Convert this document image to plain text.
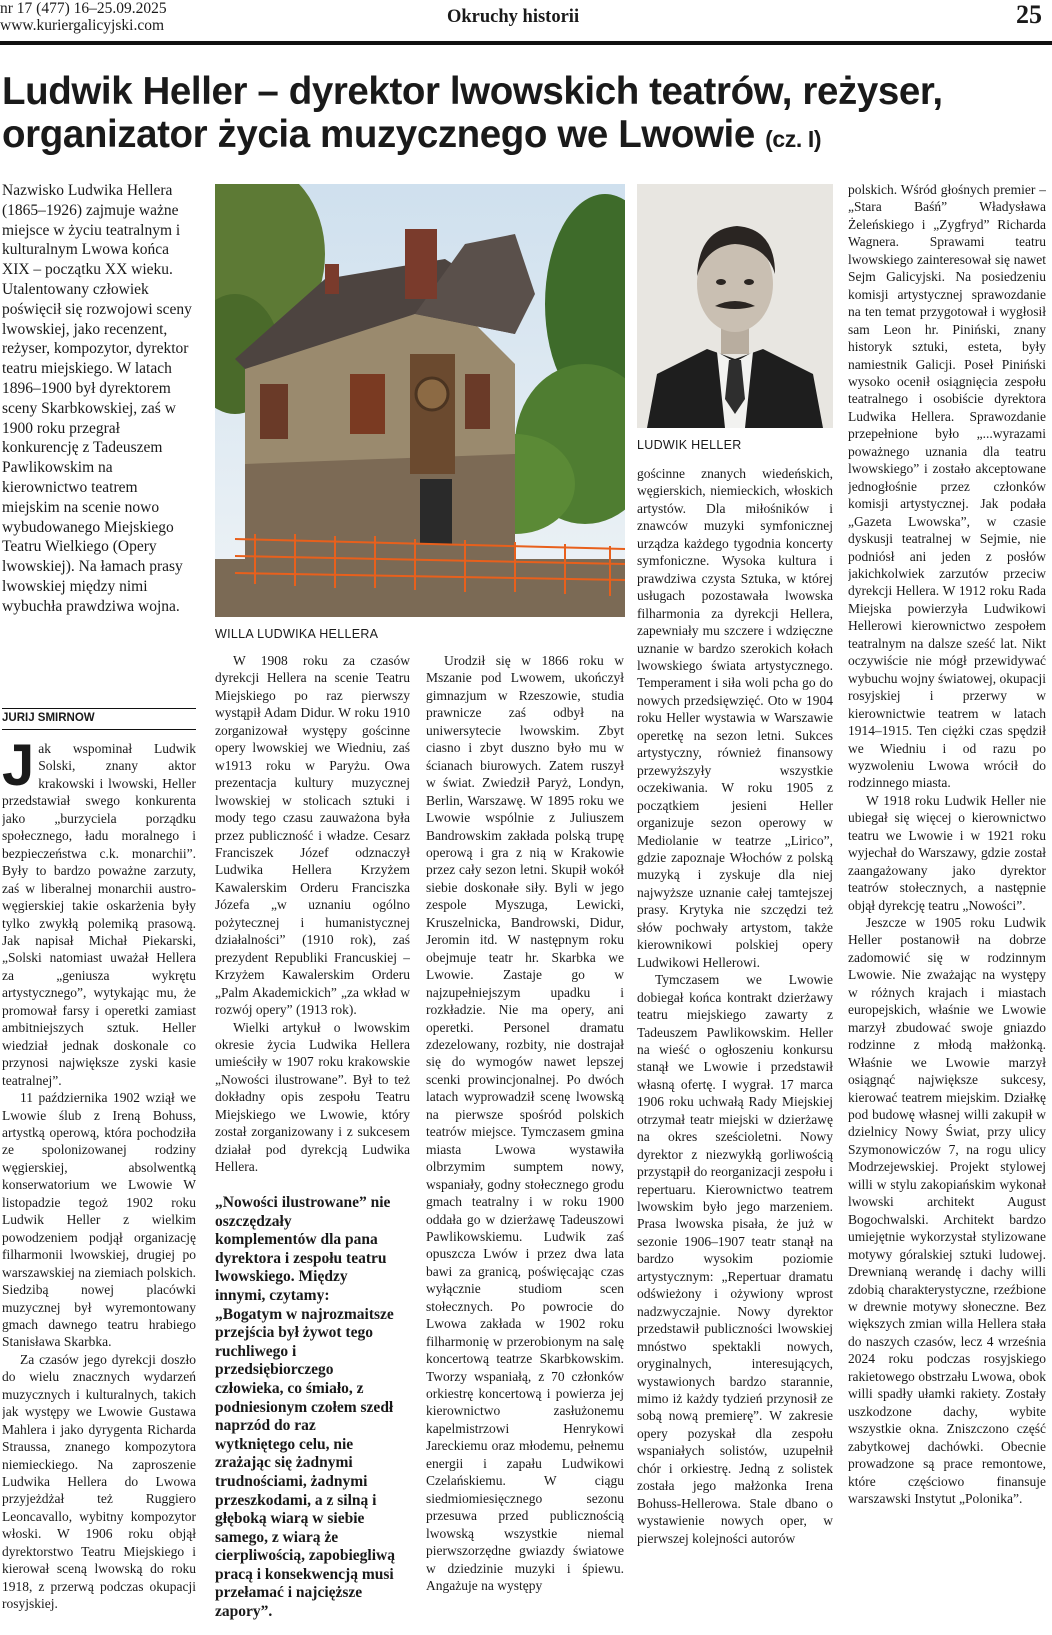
nr 17 (477) 16–25.09.2025
www.kuriergalicyjski.com	Okruchy historii	25
Ludwik Heller – dyrektor lwowskich teatrów, reżyser, organizator życia muzycznego we Lwowie (cz. I)
Nazwisko Ludwika Hellera (1865–1926) zajmuje ważne miejsce w życiu teatralnym i kulturalnym Lwowa końca XIX – początku XX wieku. Utalentowany człowiek poświęcił się rozwojowi sceny lwowskiej, jako recenzent, reżyser, kompozytor, dyrektor teatru miejskiego. W latach 1896–1900 był dyrektorem sceny Skarbkowskiej, zaś w 1900 roku przegrał konkurencję z Tadeuszem Pawlikowskim na kierownictwo teatrem miejskim na scenie nowo wybudowanego Miejskiego Teatru Wielkiego (Opery lwowskiej). Na łamach prasy lwowskiej między nimi wybuchła prawdziwa wojna.
JURIJ SMIRNOW
WILLA LUDWIKA HELLERA
LUDWIK HELLER

Jak wspominał Ludwik Solski, znany aktor krakowski i lwowski, Heller przedstawiał swego konkurenta jako „burzyciela porządku społecznego, ładu moralnego i bezpieczeństwa c.k. monarchii”. Były to bardzo poważne zarzuty, zaś w liberalnej monarchii austro-węgierskiej takie oskarżenia były tylko zwykłą polemiką prasową. Jak napisał Michał Piekarski, „Solski natomiast uważał Hellera za „geniusza wykrętu artystycznego”, wytykając mu, że promował farsy i operetki zamiast ambitniejszych sztuk. Heller wiedział jednak doskonale co przynosi największe zyski kasie teatralnej”.

11 października 1902 wziął we Lwowie ślub z Ireną Bohuss, artystką operową, która pochodziła ze spolonizowanej rodziny węgierskiej, absolwentką konserwatorium we Lwowie W listopadzie tegoż 1902 roku Ludwik Heller z wielkim powodzeniem podjął organizację filharmonii lwowskiej, drugiej po warszawskiej na ziemiach polskich. Siedzibą nowej placówki muzycznej był wyremontowany gmach dawnego teatru hrabiego Stanisława Skarbka.

Za czasów jego dyrekcji doszło do wielu znacznych wydarzeń muzycznych i kulturalnych, takich jak występy we Lwowie Gustawa Mahlera i jako dyrygenta Richarda Straussa, znanego kompozytora niemieckiego. Na zaproszenie Ludwika Hellera do Lwowa przyjeżdżał też Ruggiero Leoncavallo, wybitny kompozytor włoski. W 1906 roku objął dyrektorstwo Teatru Miejskiego i kierował sceną lwowską do roku 1918, z przerwą podczas okupacji rosyjskiej.

W 1908 roku za czasów dyrekcji Hellera na scenie Teatru Miejskiego po raz pierwszy wystąpił Adam Didur. W roku 1910 zorganizował występy gościnne opery lwowskiej we Wiedniu, zaś w1913 roku w Paryżu. Owa prezentacja kultury muzycznej lwowskiej w stolicach sztuki i mody tego czasu zauważona była przez publiczność i władze. Cesarz Franciszek Józef odznaczył Ludwika Hellera Krzyżem Kawalerskim Orderu Franciszka Józefa „w uznaniu ogólno pożytecznej i humanistycznej działalności” (1910 rok), zaś prezydent Republiki Francuskiej – Krzyżem Kawalerskim Orderu „Palm Akademickich” „za wkład w rozwój opery” (1913 rok).

Wielki artykuł o lwowskim okresie życia Ludwika Hellera umieściły w 1907 roku krakowskie „Nowości ilustrowane”. Był to też dokładny opis zespołu Teatru Miejskiego we Lwowie, który został zorganizowany i z sukcesem działał pod dyrekcją Ludwika Hellera.

„Nowości ilustrowane” nie oszczędzały komplementów dla pana dyrektora i zespołu teatru lwowskiego. Między innymi, czytamy: „Bogatym w najrozmaitsze przejścia był żywot tego ruchliwego i przedsiębiorczego człowieka, co śmiało, z podniesionym czołem szedł naprzód do raz wytkniętego celu, nie zrażając się żadnymi trudnościami, żadnymi przeszkodami, a z silną i głęboką wiarą w siebie samego, z wiarą że cierpliwością, zapobiegliwą pracą i konsekwencją musi przełamać i najcięższe zapory”.

Urodził się w 1866 roku w Mszanie pod Lwowem, ukończył gimnazjum w Rzeszowie, studia prawnicze zaś odbył na uniwersytecie lwowskim. Zbyt ciasno i zbyt duszno było mu w ścianach biurowych. Zatem ruszył w świat. Zwiedził Paryż, Londyn, Berlin, Warszawę. W 1895 roku we Lwowie wspólnie z Juliuszem Bandrowskim zakłada polską trupę operową i gra z nią w Krakowie przez cały sezon letni. Skupił wokół siebie doskonałe siły. Byli w jego zespole Myszuga, Lewicki, Kruszelnicka, Bandrowski, Didur, Jeromin itd. W następnym roku obejmuje teatr hr. Skarbka we Lwowie. Zastaje go w najzupełniejszym upadku i rozkładzie. Nie ma opery, ani operetki. Personel dramatu zdezelowany, rozbity, nie dostrajał się do wymogów nawet lepszej scenki prowincjonalnej. Po dwóch latach wyprowadził scenę lwowską na pierwsze spośród polskich teatrów miejsce. Tymczasem gmina miasta Lwowa wystawiła olbrzymim sumptem nowy, wspaniały, godny stołecznego grodu gmach teatralny i w roku 1900 oddała go w dzierżawę Tadeuszowi Pawlikowskiemu. Ludwik zaś opuszcza Lwów i przez dwa lata bawi za granicą, poświęcając czas wyłącznie studiom scen stołecznych. Po powrocie do Lwowa zakłada w 1902 roku filharmonię w przerobionym na salę koncertową teatrze Skarbkowskim. Tworzy wspaniałą, z 70 członków orkiestrę koncertową i powierza jej kierownictwo zasłużonemu kapelmistrzowi Henrykowi Jareckiemu oraz młodemu, pełnemu energii i zapału Ludwikowi Czelańskiemu. W ciągu siedmiomiesięcznego sezonu przesuwa przed publicznością lwowską wszystkie niemal pierwszorzędne gwiazdy światowe w dziedzinie muzyki i śpiewu. Angażuje na występy

gościnne znanych wiedeńskich, węgierskich, niemieckich, włoskich artystów. Dla miłośników i znawców muzyki symfonicznej urządza każdego tygodnia koncerty symfoniczne. Wysoka kultura i prawdziwa czysta Sztuka, w której usługach pozostawała lwowska filharmonia za dyrekcji Hellera, zapewniały mu szczere i wdzięczne uznanie w bardzo szerokich kołach lwowskiego świata artystycznego. Temperament i siła woli pcha go do nowych przedsięwzięć. Oto w 1904 roku Heller wystawia w Warszawie operetkę na sezon letni. Sukces artystyczny, również finansowy przewyższyły wszystkie oczekiwania. W roku 1905 z początkiem jesieni Heller organizuje sezon operowy w Mediolanie w teatrze „Lirico”, gdzie zapoznaje Włochów z polską muzyką i zyskuje dla niej najwyższe uznanie całej tamtejszej prasy. Krytyka nie szczędzi też słów pochwały artystom, także kierownikowi polskiej opery Ludwikowi Hellerowi.

Tymczasem we Lwowie dobiegał końca kontrakt dzierżawy teatru miejskiego zawarty z Tadeuszem Pawlikowskim. Heller na wieść o ogłoszeniu konkursu stanął we Lwowie i przedstawił własną ofertę. I wygrał. 17 marca 1906 roku uchwałą Rady Miejskiej otrzymał teatr miejski w dzierżawę na okres sześcioletni. Nowy dyrektor z niezwykłą gorliwością przystąpił do reorganizacji zespołu i repertuaru. Kierownictwo teatrem lwowskim było jego marzeniem. Prasa lwowska pisała, że już w sezonie 1906–1907 teatr stanął na bardzo wysokim poziomie artystycznym: „Repertuar dramatu odświeżony i ożywiony wprost nadzwyczajnie. Nowy dyrektor przedstawił publiczności lwowskiej mnóstwo spektakli nowych, oryginalnych, interesujących, wystawionych bardzo starannie, mimo iż każdy tydzień przynosił ze sobą nową premierę”. W zakresie opery pozyskał dla zespołu wspaniałych solistów, uzupełnił chór i orkiestrę. Jedną z solistek została jego małżonka Irena Bohuss-Hellerowa. Stale dbano o wystawienie nowych oper, w pierwszej kolejności autorów

polskich. Wśród głośnych premier – „Stara Baśń” Władysława Żeleńskiego i „Zygfryd” Richarda Wagnera. Sprawami teatru lwowskiego zainteresował się nawet Sejm Galicyjski. Na posiedzeniu komisji artystycznej sprawozdanie na ten temat przygotował i wygłosił sam Leon hr. Piniński, znany historyk sztuki, esteta, były namiestnik Galicji. Poseł Piniński wysoko ocenił osiągnięcia zespołu teatralnego i osobiście dyrektora Ludwika Hellera. Sprawozdanie przepełnione było „...wyrazami poważnego uznania dla teatru lwowskiego” i zostało akceptowane jednogłośnie przez członków komisji artystycznej. Jak podała „Gazeta Lwowska”, w czasie dyskusji teatralnej w Sejmie, nie podniósł ani jeden z posłów jakichkolwiek zarzutów przeciw dyrekcji Hellera. W 1912 roku Rada Miejska powierzyła Ludwikowi Hellerowi kierownictwo zespołem teatralnym na dalsze sześć lat. Nikt oczywiście nie mógł przewidywać wybuchu wojny światowej, okupacji rosyjskiej i przerwy w kierownictwie teatrem w latach 1914–1915. Ten ciężki czas spędził we Wiedniu i od razu po wyzwoleniu Lwowa wrócił do rodzinnego miasta.

W 1918 roku Ludwik Heller nie ubiegał się więcej o kierownictwo teatru we Lwowie i w 1921 roku wyjechał do Warszawy, gdzie został zaangażowany jako dyrektor teatrów stołecznych, a następnie objął dyrekcję teatru „Nowości”.

Jeszcze w 1905 roku Ludwik Heller postanowił na dobrze zadomowić się w rodzinnym Lwowie. Nie zważając na występy w różnych krajach i miastach europejskich, właśnie we Lwowie marzył zbudować swoje gniazdo rodzinne z młodą małżonką. Właśnie we Lwowie marzył osiągnąć największe sukcesy, kierować teatrem miejskim. Działkę pod budowę własnej willi zakupił w dzielnicy Nowy Świat, przy ulicy Szymonowiczów 7, na rogu ulicy Modrzejewskiej. Projekt stylowej willi w stylu zakopiańskim wykonał lwowski architekt August Bogochwalski. Architekt bardzo umiejętnie wykorzystał stylizowane motywy góralskiej sztuki ludowej. Drewnianą werandę i dachy willi zdobią charakterystyczne, rzeźbione w drewnie motywy słoneczne. Bez większych zmian willa Hellera stała do naszych czasów, lecz 4 września 2024 roku podczas rosyjskiego rakietowego obstrzału Lwowa, obok willi spadły ułamki rakiety. Zostały uszkodzone dachy, wybite wszystkie okna. Zniszczono część zabytkowej dachówki. Obecnie prowadzone są prace remontowe, które częściowo finansuje warszawski Instytut „Polonika”.
